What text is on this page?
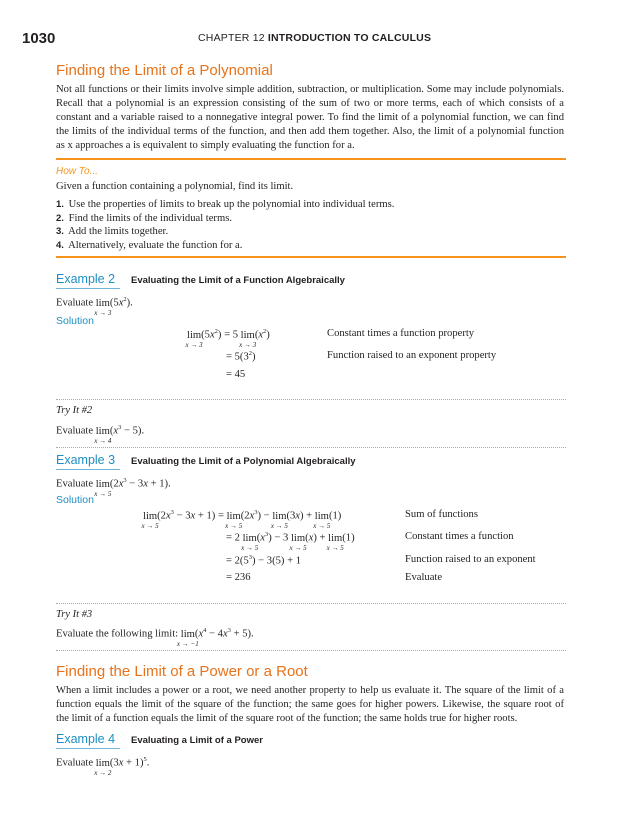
1030	CHAPTER 12 INTRODUCTION TO CALCULUS
Finding the Limit of a Polynomial
Not all functions or their limits involve simple addition, subtraction, or multiplication. Some may include polynomials. Recall that a polynomial is an expression consisting of the sum of two or more terms, each of which consists of a constant and a variable raised to a nonnegative integral power. To find the limit of a polynomial function, we can find the limits of the individual terms of the function, and then add them together. Also, the limit of a polynomial function as x approaches a is equivalent to simply evaluating the function for a.
How To...
Given a function containing a polynomial, find its limit.
1. Use the properties of limits to break up the polynomial into individual terms.
2. Find the limits of the individual terms.
3. Add the limits together.
4. Alternatively, evaluate the function for a.
Example 2 Evaluating the Limit of a Function Algebraically
Evaluate lim
x → 3
$(5x^2)$.
Solution
lim
x → 3
$(5x^2) = 5$ lim
x → 3
$(x^2)$	Constant times a function property
= $5(3^2)$	Function raised to an exponent property
= 45
Try It #2
Evaluate lim
x → 4
$(x^3 - 5)$.
Example 3 Evaluating the Limit of a Polynomial Algebraically
Evaluate lim
x → 5
$(2x^3 - 3x + 1)$.
Solution
lim
x → 5
$(2x^3 - 3x + 1) = \lim$
x → 5
$(2x^3) - \lim$
x → 5
(3x) + lim
x → 5
(1)	Sum of functions
= 2 lim
x → 5
$(x^3) - 3$ lim
x → 5
(x) + lim
x → 5
(1)	Constant times a function
= $2(5^3) - 3(5) + 1$	Function raised to an exponent
= 236	Evaluate
Try It #3
Evaluate the following limit: lim
x → −1
$(x^4 - 4x^3 + 5)$.
Finding the Limit of a Power or a Root
When a limit includes a power or a root, we need another property to help us evaluate it. The square of the limit of a function equals the limit of the square of the function; the same goes for higher powers. Likewise, the square root of the limit of a function equals the limit of the square root of the function; the same holds true for higher roots.
Example 4 Evaluating a Limit of a Power
Evaluate lim
x → 2
$(3x + 1)^5$.
